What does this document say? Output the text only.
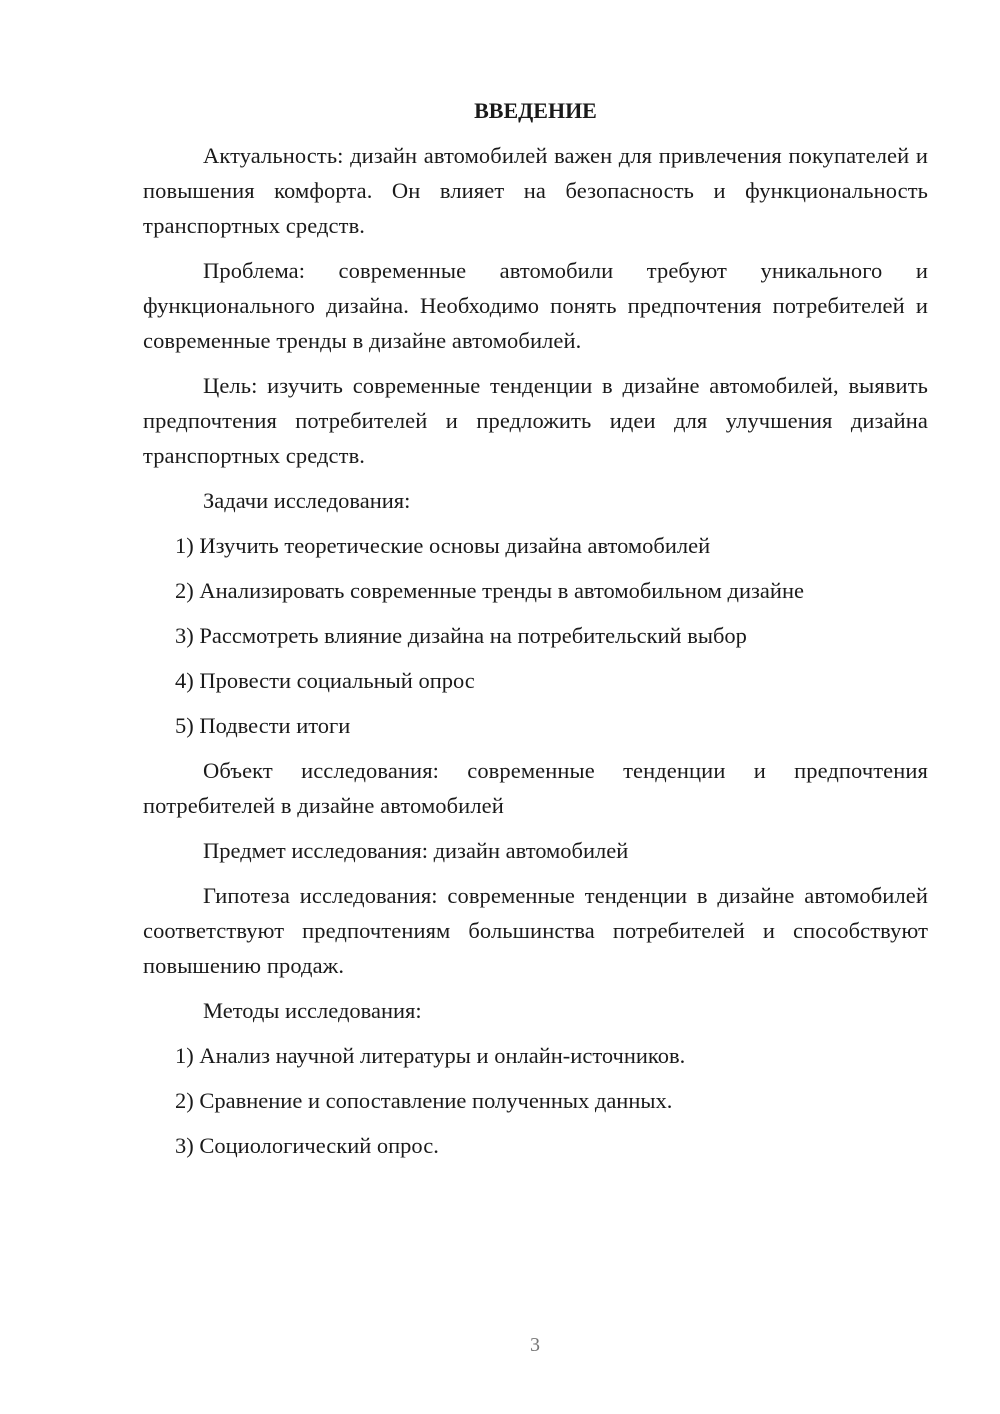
ВВЕДЕНИЕ
Актуальность: дизайн автомобилей важен для привлечения покупателей и повышения комфорта. Он влияет на безопасность и функциональность транспортных средств.
Проблема: современные автомобили требуют уникального и функционального дизайна. Необходимо понять предпочтения потребителей и современные тренды в дизайне автомобилей.
Цель: изучить современные тенденции в дизайне автомобилей, выявить предпочтения потребителей и предложить идеи для улучшения дизайна транспортных средств.
Задачи исследования:
1) Изучить теоретические основы дизайна автомобилей
2) Анализировать современные тренды в автомобильном дизайне
3) Рассмотреть влияние дизайна на потребительский выбор
4) Провести социальный опрос
5) Подвести итоги
Объект исследования: современные тенденции и предпочтения потребителей в дизайне автомобилей
Предмет исследования: дизайн автомобилей
Гипотеза исследования: современные тенденции в дизайне автомобилей соответствуют предпочтениям большинства потребителей и способствуют повышению продаж.
Методы исследования:
1) Анализ научной литературы и онлайн-источников.
2) Сравнение и сопоставление полученных данных.
3) Социологический опрос.
3
